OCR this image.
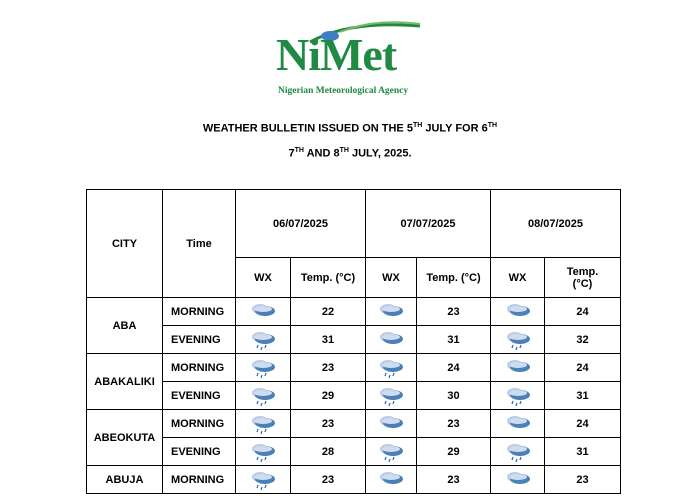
NiMet
Nigerian Meteorological Agency
WEATHER BULLETIN ISSUED ON THE 5TH JULY FOR 6TH
7TH AND 8TH JULY, 2025.
CITY	Time	06/07/2025		07/07/2025		08/07/2025	
		WX	Temp. (°C)	WX	Temp. (°C)	WX	Temp.
(°C)
ABA	MORNING		22		23		24
	EVENING		31		31		32
ABAKALIKI	MORNING		23		24		24
	EVENING		29		30		31
ABEOKUTA	MORNING		23		23		24
	EVENING		28		29		31
ABUJA	MORNING		23		23		23
